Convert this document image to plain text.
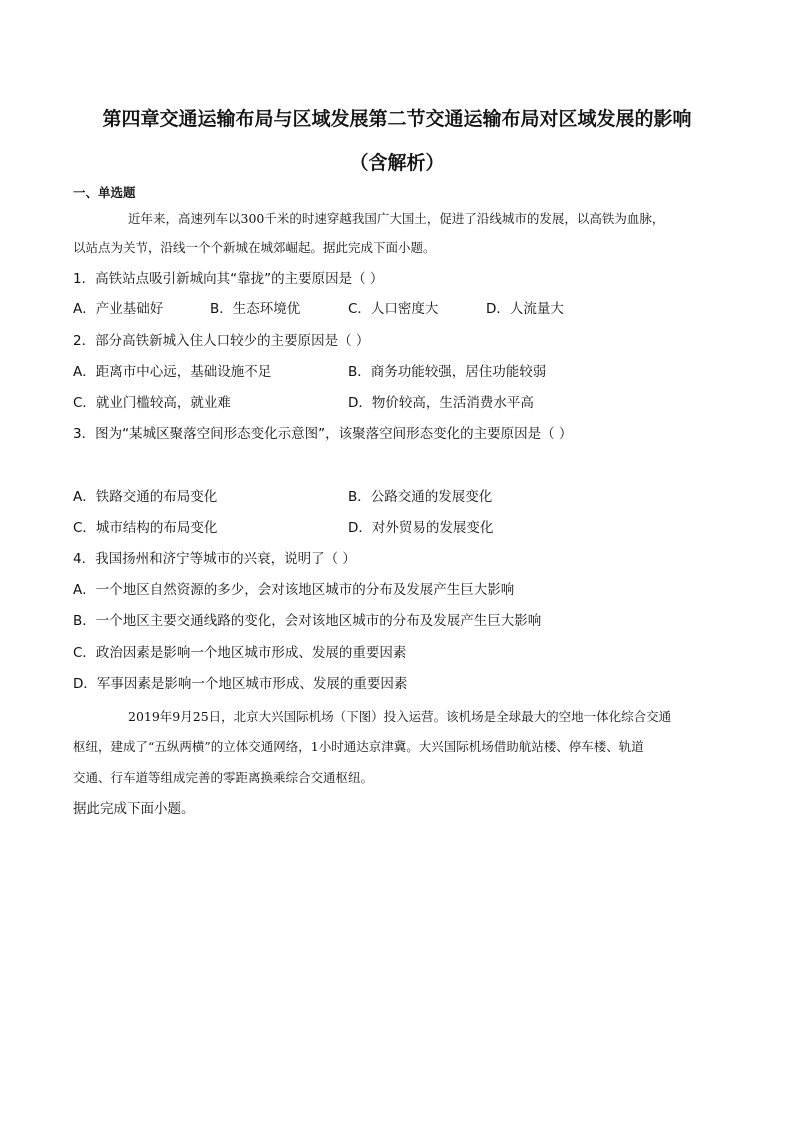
第四章交通运输布局与区域发展第二节交通运输布局对区域发展的影响
（含解析）
一、单选题
近年来，高速列车以300千米的时速穿越我国广大国土，促进了沿线城市的发展，以高铁为血脉，
以站点为关节，沿线一个个新城在城郊崛起。据此完成下面小题。
1．高铁站点吸引新城向其“靠拢”的主要原因是（ ）
A．产业基础好	B．生态环境优	C．人口密度大	D．人流量大
2．部分高铁新城入住人口较少的主要原因是（ ）
A．距离市中心远，基础设施不足	B．商务功能较强，居住功能较弱
C．就业门槛较高，就业难	D．物价较高，生活消费水平高
3．图为“某城区聚落空间形态变化示意图”，该聚落空间形态变化的主要原因是（ ）
A．铁路交通的布局变化	B．公路交通的发展变化
C．城市结构的布局变化	D．对外贸易的发展变化
4．我国扬州和济宁等城市的兴衰，说明了（ ）
A．一个地区自然资源的多少，会对该地区城市的分布及发展产生巨大影响
B．一个地区主要交通线路的变化，会对该地区城市的分布及发展产生巨大影响
C．政治因素是影响一个地区城市形成、发展的重要因素
D．军事因素是影响一个地区城市形成、发展的重要因素
2019年9月25日，北京大兴国际机场（下图）投入运营。该机场是全球最大的空地一体化综合交通
枢纽，建成了“五纵两横”的立体交通网络，1小时通达京津冀。大兴国际机场借助航站楼、停车楼、轨道
交通、行车道等组成完善的零距离换乘综合交通枢纽。
据此完成下面小题。
